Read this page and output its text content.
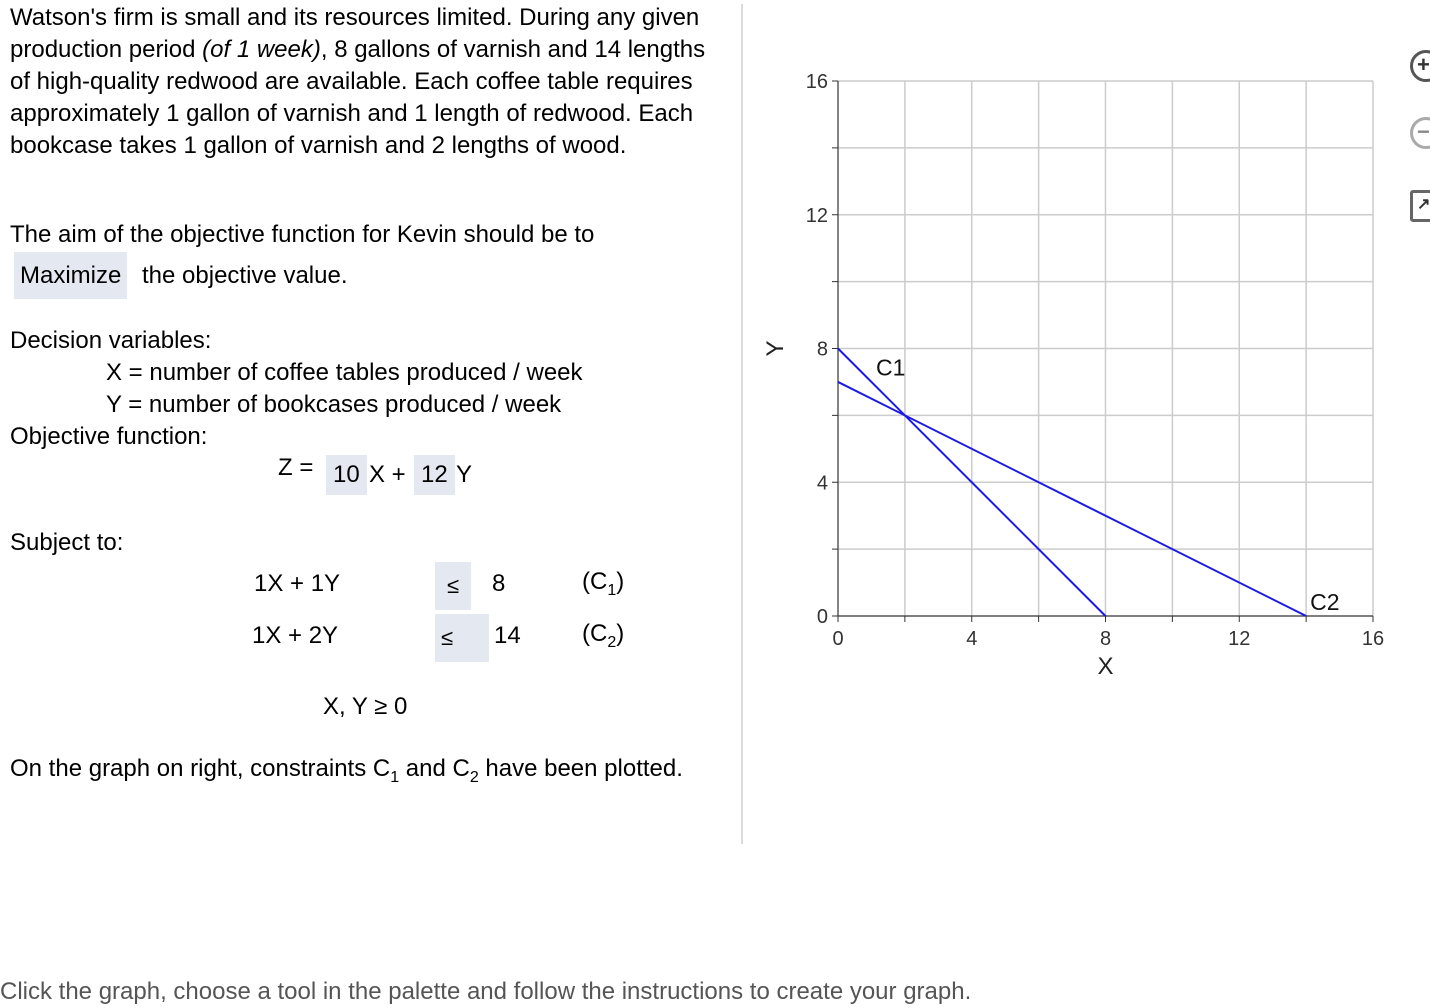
Watson's firm is small and its resources limited. During any given production period (of 1 week), 8 gallons of varnish and 14 lengths of high-quality redwood are available. Each coffee table requires approximately 1 gallon of varnish and 1 length of redwood. Each bookcase takes 1 gallon of varnish and 2 lengths of wood.
The aim of the objective function for Kevin should be to
Maximize the objective value.
Decision variables:
X = number of coffee tables produced / week
Y = number of bookcases produced / week
Objective function:
Z = 10 X + 12 Y
Subject to:
1X + 1Y	≤	8	$(C_1)$
1X + 2Y	≤	14	$(C_2)$
X, Y ≥ 0
On the graph on right, constraints $C_1$ and $C_2$ have been plotted.
Click the graph, choose a tool in the palette and follow the instructions to create your graph.
0	4	8	12	16
0
4
8
12
16
C1
C2
X
Y
+
−
↗
